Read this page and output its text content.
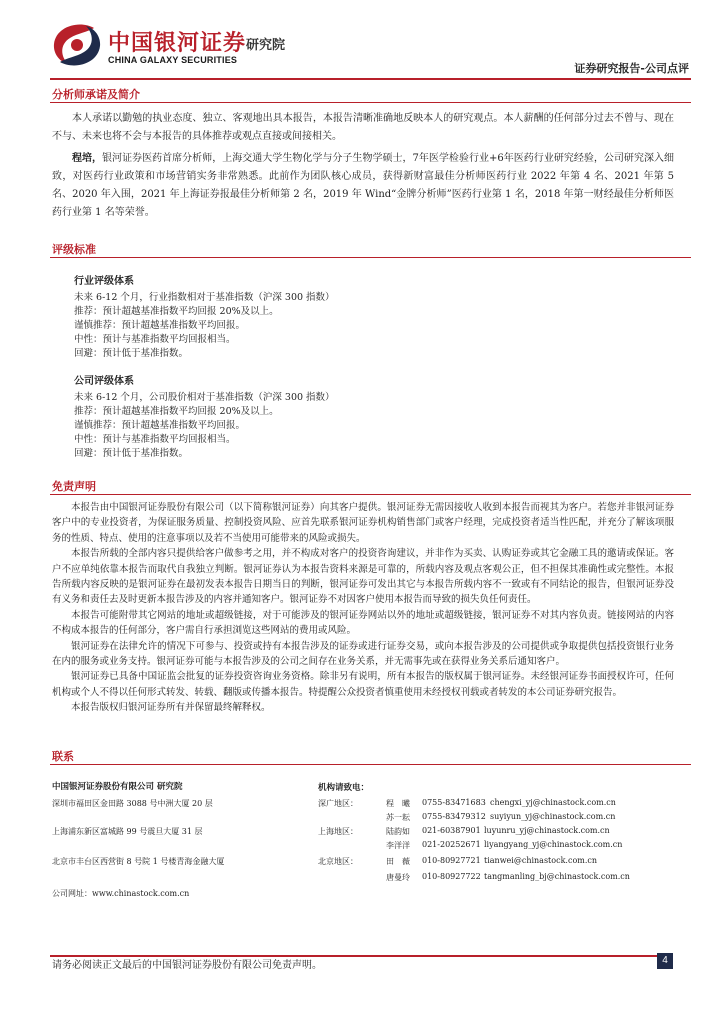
中国银河证券 研究院
CHINA GALAXY SECURITIES
证券研究报告-公司点评
分析师承诺及简介

本人承诺以勤勉的执业态度、独立、客观地出具本报告，本报告清晰准确地反映本人的研究观点。本人薪酬的任何部分过去不曾与、现在不与、未来也将不会与本报告的具体推荐或观点直接或间接相关。

程培，银河证券医药首席分析师，上海交通大学生物化学与分子生物学硕士，7年医学检验行业+6年医药行业研究经验，公司研究深入细致，对医药行业政策和市场营销实务非常熟悉。此前作为团队核心成员，获得新财富最佳分析师医药行业 2022 年第 4 名、2021 年第 5 名、2020 年入围，2021 年上海证券报最佳分析师第 2 名，2019 年 Wind“金牌分析师”医药行业第 1 名，2018 年第一财经最佳分析师医药行业第 1 名等荣誉。

评级标准
行业评级体系
未来 6-12 个月，行业指数相对于基准指数（沪深 300 指数）
推荐：预计超越基准指数平均回报 20%及以上。
谨慎推荐：预计超越基准指数平均回报。
中性：预计与基准指数平均回报相当。
回避：预计低于基准指数。
公司评级体系
未来 6-12 个月，公司股价相对于基准指数（沪深 300 指数）
推荐：预计超越基准指数平均回报 20%及以上。
谨慎推荐：预计超越基准指数平均回报。
中性：预计与基准指数平均回报相当。
回避：预计低于基准指数。
免责声明

本报告由中国银河证券股份有限公司（以下简称银河证券）向其客户提供。银河证券无需因接收人收到本报告而视其为客户。若您并非银河证券客户中的专业投资者，为保证服务质量、控制投资风险、应首先联系银河证券机构销售部门或客户经理，完成投资者适当性匹配，并充分了解该项服务的性质、特点、使用的注意事项以及若不当使用可能带来的风险或损失。

本报告所载的全部内容只提供给客户做参考之用，并不构成对客户的投资咨询建议，并非作为买卖、认购证券或其它金融工具的邀请或保证。客户不应单纯依靠本报告而取代自我独立判断。银河证券认为本报告资料来源是可靠的，所载内容及观点客观公正，但不担保其准确性或完整性。本报告所载内容反映的是银河证券在最初发表本报告日期当日的判断，银河证券可发出其它与本报告所载内容不一致或有不同结论的报告，但银河证券没有义务和责任去及时更新本报告涉及的内容并通知客户。银河证券不对因客户使用本报告而导致的损失负任何责任。

本报告可能附带其它网站的地址或超级链接，对于可能涉及的银河证券网站以外的地址或超级链接，银河证券不对其内容负责。链接网站的内容不构成本报告的任何部分，客户需自行承担浏览这些网站的费用或风险。

银河证券在法律允许的情况下可参与、投资或持有本报告涉及的证券或进行证券交易，或向本报告涉及的公司提供或争取提供包括投资银行业务在内的服务或业务支持。银河证券可能与本报告涉及的公司之间存在业务关系，并无需事先或在获得业务关系后通知客户。

银河证券已具备中国证监会批复的证券投资咨询业务资格。除非另有说明，所有本报告的版权属于银河证券。未经银河证券书面授权许可，任何机构或个人不得以任何形式转发、转载、翻版或传播本报告。特提醒公众投资者慎重使用未经授权刊载或者转发的本公司证券研究报告。

本报告版权归银河证券所有并保留最终解释权。

联系
中国银河证券股份有限公司 研究院
深圳市福田区金田路 3088 号中洲大厦 20 层
上海浦东新区富城路 99 号震旦大厦 31 层
北京市丰台区西营街 8 号院 1 号楼青海金融大厦
公司网址：www.chinastock.com.cn
机构请致电：
深广地区：
上海地区：
北京地区：
程　曦 0755-83471683 chengxi_yj@chinastock.com.cn
苏一耘 0755-83479312 suyiyun_yj@chinastock.com.cn
陆韵如 021-60387901 luyunru_yj@chinastock.com.cn
李洋洋 021-20252671 liyangyang_yj@chinastock.com.cn
田　薇 010-80927721 tianwei@chinastock.com.cn
唐曼玲 010-80927722 tangmanling_bj@chinastock.com.cn
请务必阅读正文最后的中国银河证券股份有限公司免责声明。	4
